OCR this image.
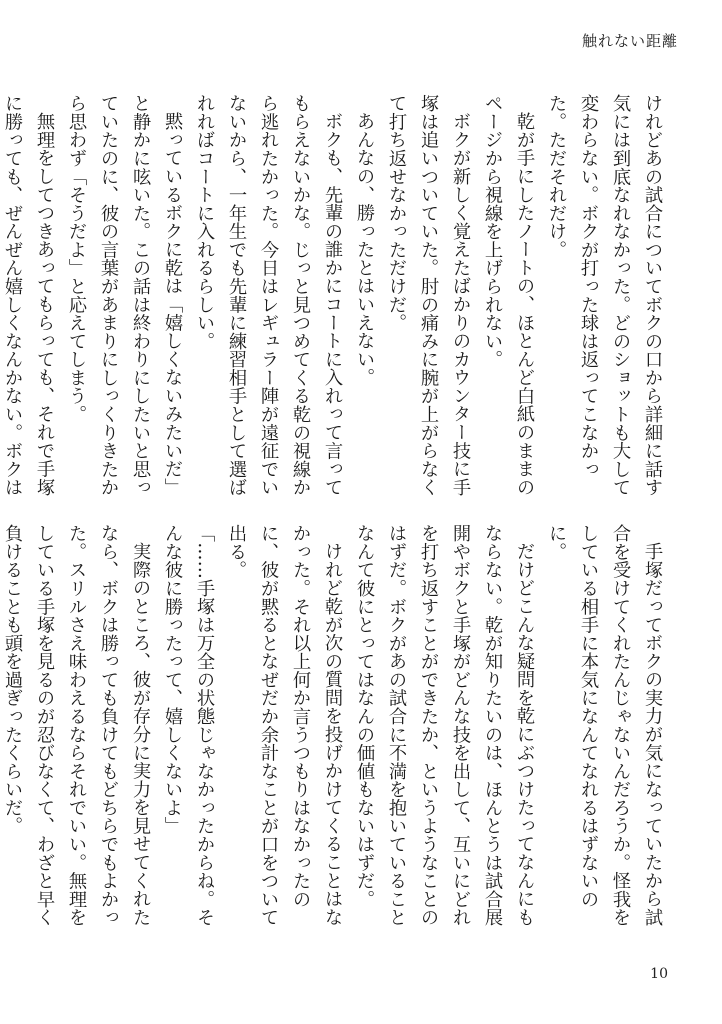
触れない距離

けれどあの試合についてボクの口から詳細に話す気には到底なれなかった。どのショットも大して変わらない。ボクが打った球は返ってこなかった。ただそれだけ。

乾が手にしたノートの、ほとんど白紙のままのページから視線を上げられない。

ボクが新しく覚えたばかりのカウンター技に手塚は追いついていた。肘の痛みに腕が上がらなくて打ち返せなかっただけだ。

あんなの、勝ったとはいえない。

ボクも、先輩の誰かにコートに入れって言ってもらえないかな。じっと見つめてくる乾の視線から逃れたかった。今日はレギュラー陣が遠征でいないから、一年生でも先輩に練習相手として選ばれればコートに入れるらしい。

黙っているボクに乾は「嬉しくないみたいだ」と静かに呟いた。この話は終わりにしたいと思っていたのに、彼の言葉があまりにしっくりきたから思わず「そうだよ」と応えてしまう。

無理をしてつきあってもらっても、それで手塚に勝っても、ぜんぜん嬉しくなんかない。ボクは

手塚だってボクの実力が気になっていたから試合を受けてくれたんじゃないんだろうか。怪我をしている相手に本気になんてなれるはずないのに。

だけどこんな疑問を乾にぶつけたってなんにもならない。乾が知りたいのは、ほんとうは試合展開やボクと手塚がどんな技を出して、互いにどれを打ち返すことができたか、というようなことのはずだ。ボクがあの試合に不満を抱いていることなんて彼にとってはなんの価値もないはずだ。

けれど乾が次の質問を投げかけてくることはなかった。それ以上何か言うつもりはなかったのに、彼が黙るとなぜだか余計なことが口をついて出る。

「……手塚は万全の状態じゃなかったからね。そんな彼に勝ったって、嬉しくないよ」

実際のところ、彼が存分に実力を見せてくれたなら、ボクは勝っても負けてもどちらでもよかった。スリルさえ味わえるならそれでいい。無理をしている手塚を見るのが忍びなくて、わざと早く負けることも頭を過ぎったくらいだ。

10
